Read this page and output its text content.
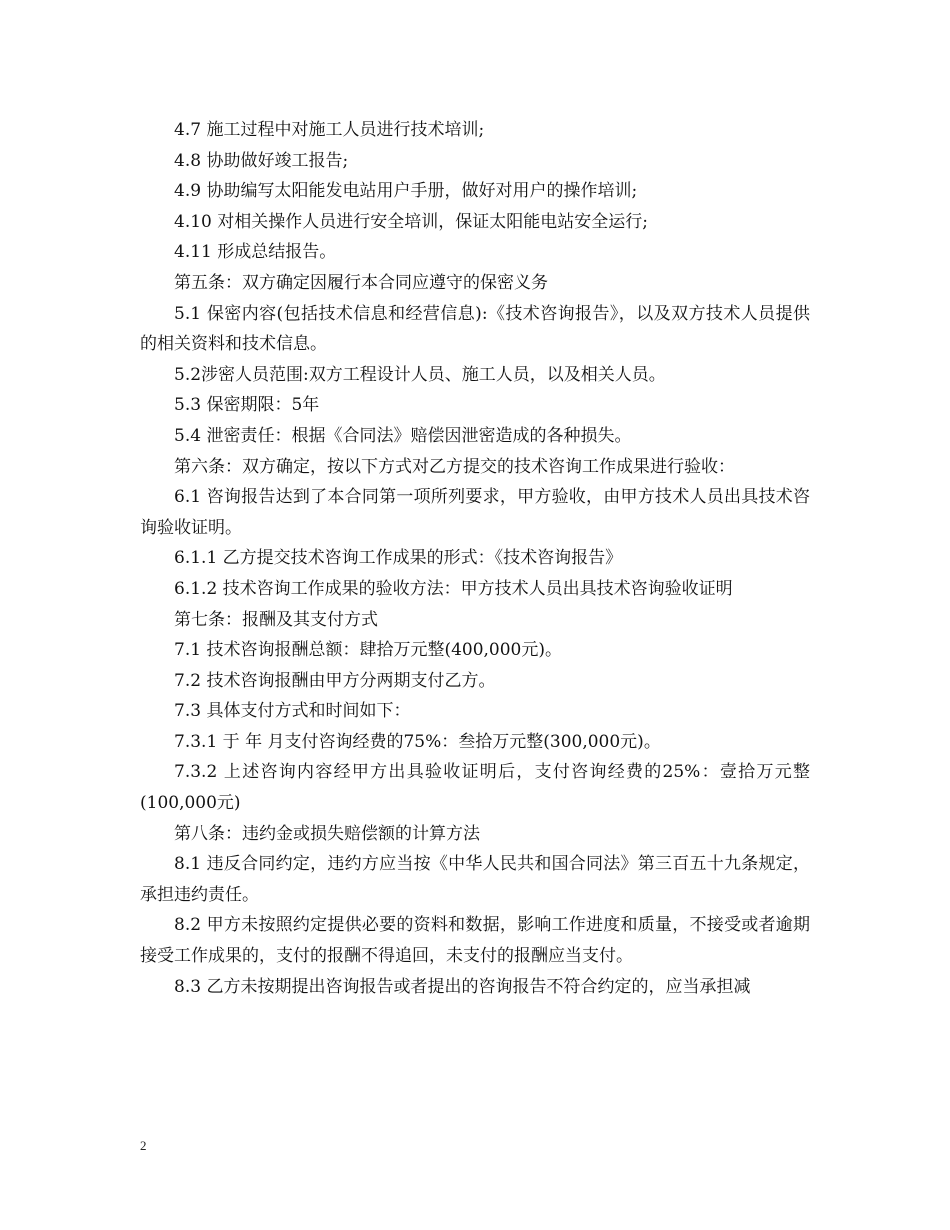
4.7 施工过程中对施工人员进行技术培训;

4.8 协助做好竣工报告;

4.9 协助编写太阳能发电站用户手册，做好对用户的操作培训;

4.10 对相关操作人员进行安全培训，保证太阳能电站安全运行;

4.11 形成总结报告。

第五条：双方确定因履行本合同应遵守的保密义务

5.1 保密内容(包括技术信息和经营信息):《技术咨询报告》，以及双方技术人员提供的相关资料和技术信息。

5.2涉密人员范围:双方工程设计人员、施工人员，以及相关人员。

5.3 保密期限：5年

5.4 泄密责任：根据《合同法》赔偿因泄密造成的各种损失。

第六条：双方确定，按以下方式对乙方提交的技术咨询工作成果进行验收：

6.1 咨询报告达到了本合同第一项所列要求，甲方验收，由甲方技术人员出具技术咨询验收证明。

6.1.1 乙方提交技术咨询工作成果的形式：《技术咨询报告》

6.1.2 技术咨询工作成果的验收方法：甲方技术人员出具技术咨询验收证明

第七条：报酬及其支付方式

7.1 技术咨询报酬总额：肆拾万元整(400,000元)。

7.2 技术咨询报酬由甲方分两期支付乙方。

7.3 具体支付方式和时间如下：

7.3.1 于 年 月支付咨询经费的75%：叁拾万元整(300,000元)。

7.3.2 上述咨询内容经甲方出具验收证明后，支付咨询经费的25%：壹拾万元整(100,000元)

第八条：违约金或损失赔偿额的计算方法

8.1 违反合同约定，违约方应当按《中华人民共和国合同法》第三百五十九条规定，承担违约责任。

8.2 甲方未按照约定提供必要的资料和数据，影响工作进度和质量，不接受或者逾期接受工作成果的，支付的报酬不得追回，未支付的报酬应当支付。

8.3 乙方未按期提出咨询报告或者提出的咨询报告不符合约定的，应当承担减

2
